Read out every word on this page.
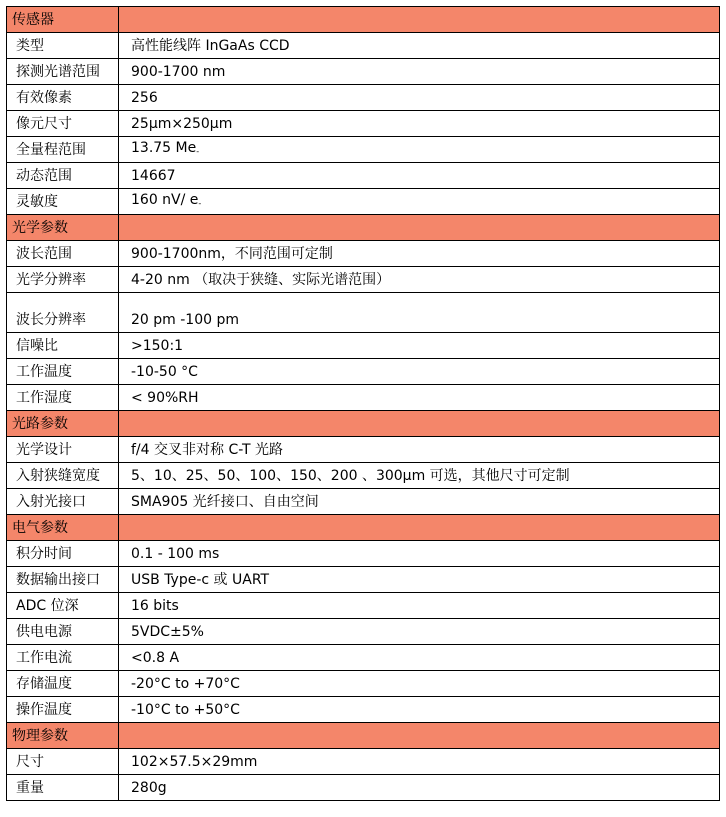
传感器	
类型	高性能线阵 InGaAs CCD
探测光谱范围	900-1700 nm
有效像素	256
像元尺寸	25μm×250μm
全量程范围	13.75 $Me_-$
动态范围	14667
灵敏度	160 nV/ $e_-$
光学参数	
波长范围	900-1700nm，不同范围可定制
光学分辨率	4-20 nm （取决于狭缝、实际光谱范围）
波长分辨率	20 pm -100 pm
信噪比	>150:1
工作温度	-10-50 °C
工作湿度	< 90%RH
光路参数	
光学设计	f/4 交叉非对称 C-T 光路
入射狭缝宽度	5、10、25、50、100、150、200 、300μm 可选，其他尺寸可定制
入射光接口	SMA905 光纤接口、自由空间
电气参数	
积分时间	0.1 - 100 ms
数据输出接口	USB Type-c 或 UART
ADC 位深	16 bits
供电电源	5VDC±5%
工作电流	<0.8 A
存储温度	-20°C to +70°C
操作温度	-10°C to +50°C
物理参数	
尺寸	102×57.5×29mm
重量	280g
